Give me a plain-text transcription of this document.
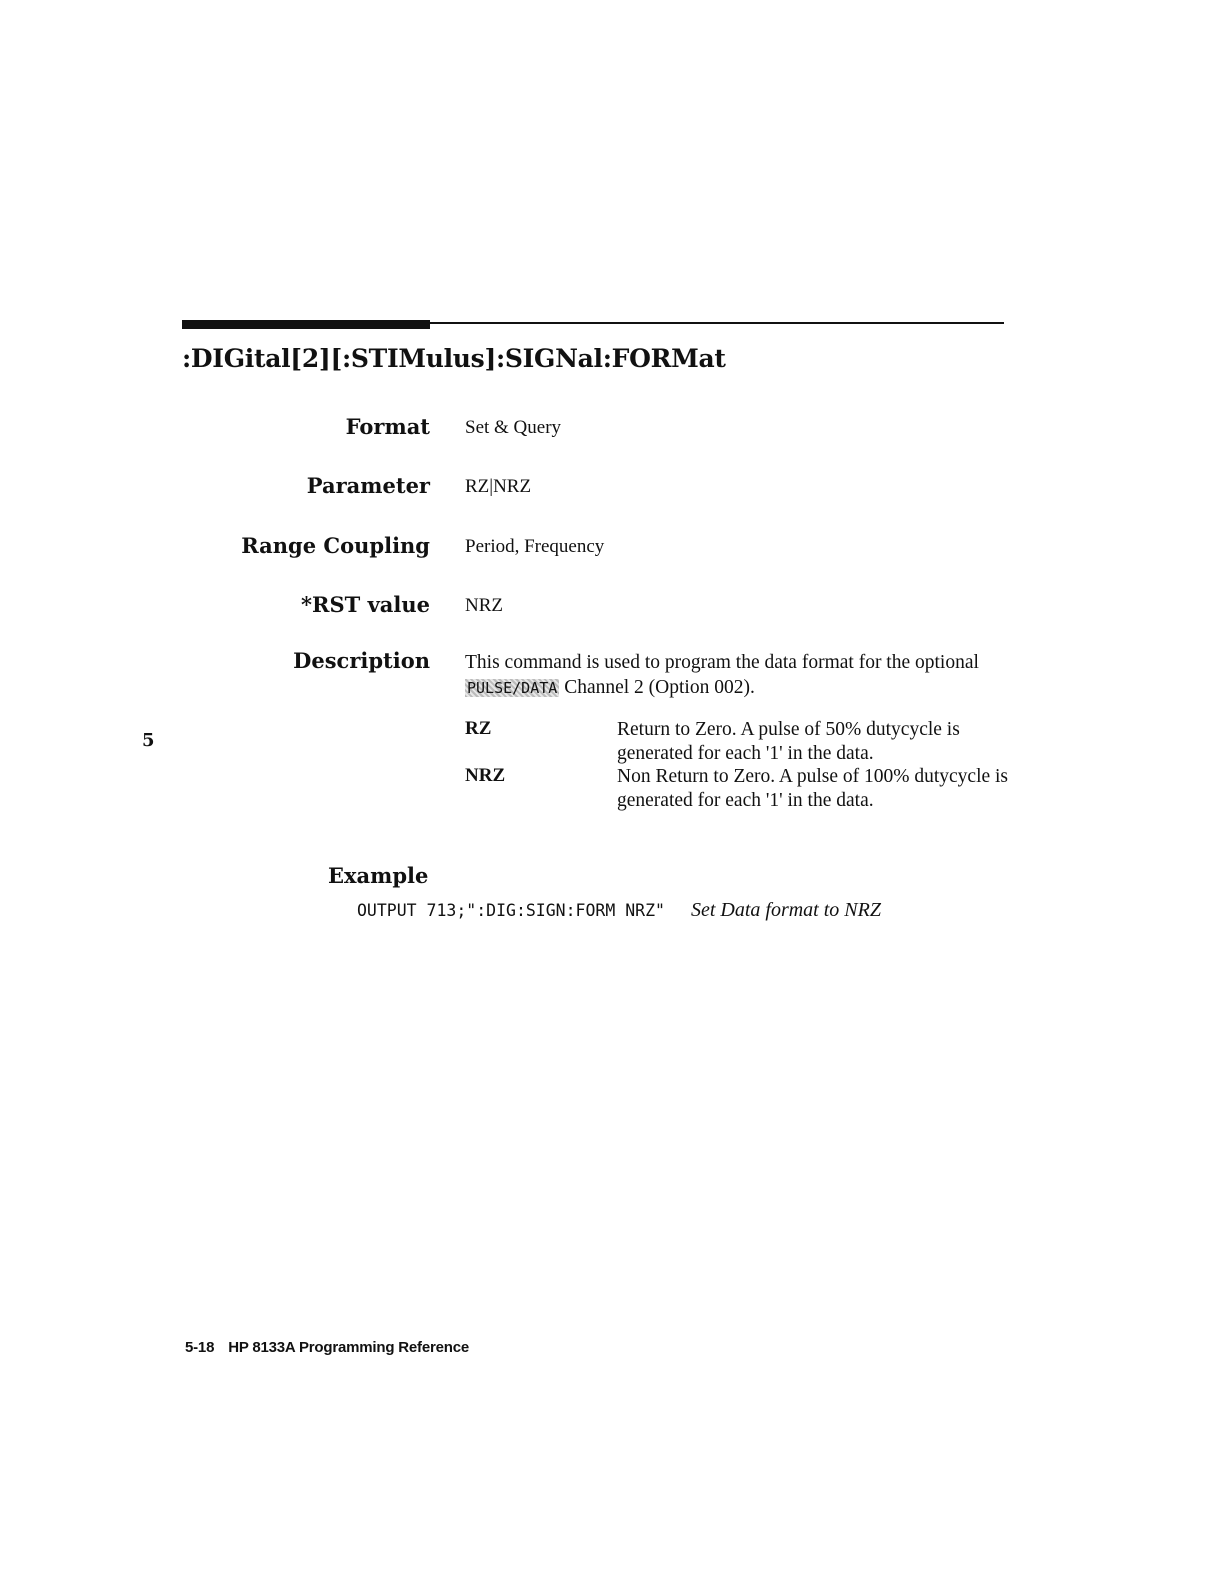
:DIGital[2][:STIMulus]:SIGNal:FORMat
Format Set & Query
Parameter RZ|NRZ
Range Coupling Period, Frequency
*RST value NRZ
Description This command is used to program the data format for the optional PULSE/DATA Channel 2 (Option 002).
RZ	Return to Zero. A pulse of 50% dutycycle is generated for each '1' in the data.
NRZ	Non Return to Zero. A pulse of 100% dutycycle is generated for each '1' in the data.
5
Example
OUTPUT 713;":DIG:SIGN:FORM NRZ" Set Data format to NRZ
5-18 HP 8133A Programming Reference
